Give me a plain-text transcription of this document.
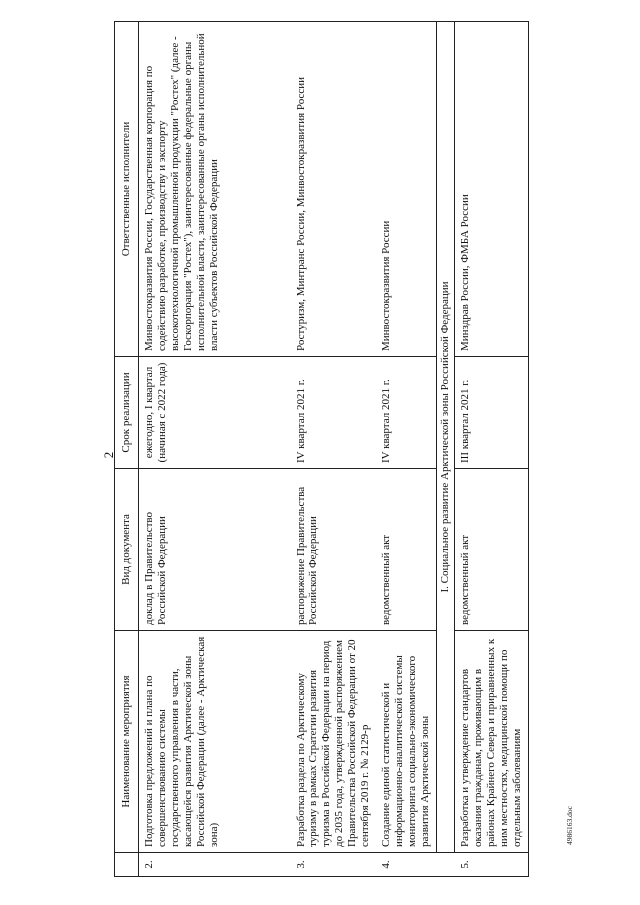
2
	Наименование мероприятия	Вид документа	Срок реализации	Ответственные исполнители
2.	Подготовка предложений и плана по совершенствованию системы государственного управления в части, касающейся развития Арктической зоны Российской Федерации (далее - Арктическая зона)	доклад в Правительство Российской Федерации	ежегодно, I квартал (начиная с 2022 года)	Минвостокразвития России, Государственная корпорация по содействию разработке, производству и экспорту высокотехнологичной промышленной продукции "Ростех" (далее - Госкорпорация "Ростех"), заинтересованные федеральные органы исполнительной власти, заинтересованные органы исполнительной власти субъектов Российской Федерации
3.	Разработка раздела по Арктическому туризму в рамках Стратегии развития туризма в Российской Федерации на период до 2035 года, утвержденной распоряжением Правительства Российской Федерации от 20 сентября 2019 г. № 2129-р	распоряжение Правительства Российской Федерации	IV квартал 2021 г.	Ростуризм, Минтранс России, Минвостокразвития России
4.	Создание единой статистической и информационно-аналитической системы мониторинга социально-экономического развития Арктической зоны	ведомственный акт	IV квартал 2021 г.	Минвостокразвития России
	I. Социальное развитие Арктической зоны Российской Федерации			
5.	Разработка и утверждение стандартов оказания гражданам, проживающим в районах Крайнего Севера и приравненных к ним местностях, медицинской помощи по отдельным заболеваниям	ведомственный акт	III квартал 2021 г.	Минздрав России, ФМБА России
4986163.doc
